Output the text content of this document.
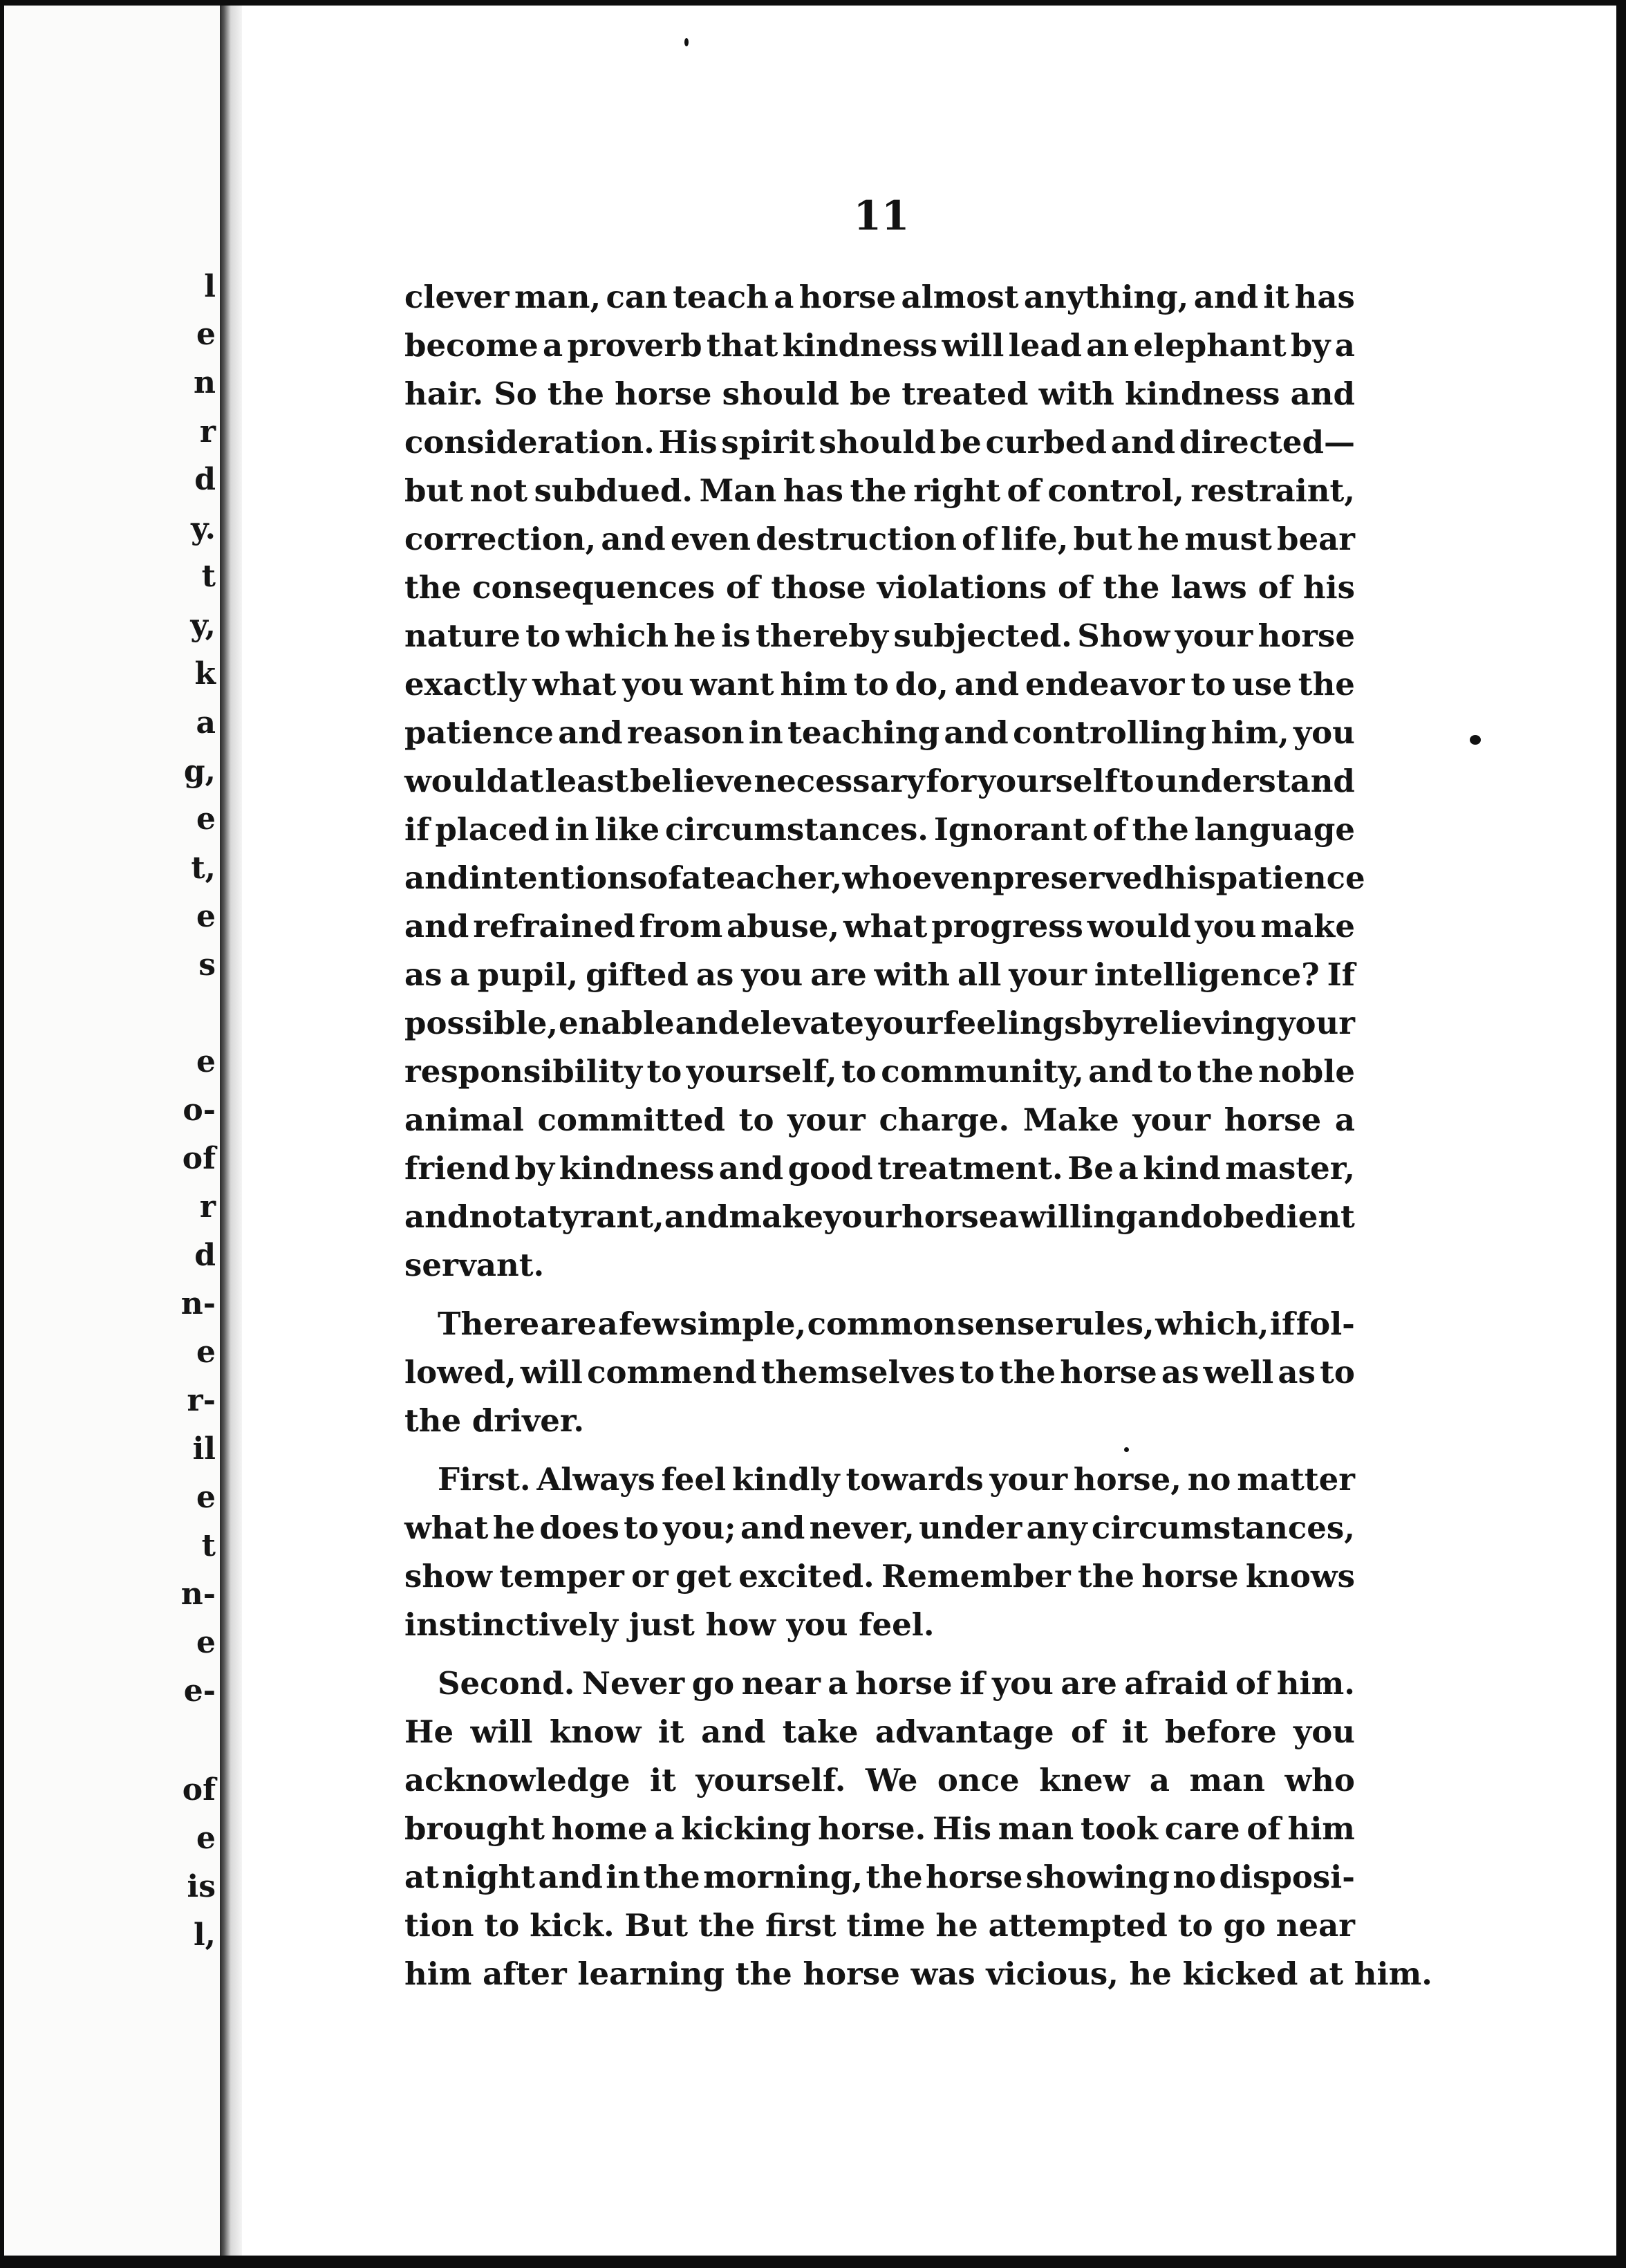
l
e
n
r
d
y.
t
y,
k
a
g,
e
t,
e
s
e
o-
of
r
d
n-
e
r-
il
e
t
n-
e
e-
of
e
is
l,
11
clever man, can teach a horse almost anything, and it has
become a proverb that kindness will lead an elephant by a
hair. So the horse should be treated with kindness and
consideration. His spirit should be curbed and directed—
but not subdued. Man has the right of control, restraint,
correction, and even destruction of life, but he must bear
the consequences of those violations of the laws of his
nature to which he is thereby subjected. Show your horse
exactly what you want him to do, and endeavor to use the
patience and reason in teaching and controlling him, you
would at least believe necessary for yourself to understand
if placed in like circumstances. Ignorant of the language
and intentions of a teacher, who even preserved his patience
and refrained from abuse, what progress would you make
as a pupil, gifted as you are with all your intelligence? If
possible, enable and elevate your feelings by relieving your
responsibility to yourself, to community, and to the noble
animal committed to your charge. Make your horse a
friend by kindness and good treatment. Be a kind master,
and not a tyrant, and make your horse a willing and obedient
servant.
There are a few simple, common sense rules, which, if fol-
lowed, will commend themselves to the horse as well as to
the driver.
First. Always feel kindly towards your horse, no matter
what he does to you; and never, under any circumstances,
show temper or get excited. Remember the horse knows
instinctively just how you feel.
Second. Never go near a horse if you are afraid of him.
He will know it and take advantage of it before you
acknowledge it yourself. We once knew a man who
brought home a kicking horse. His man took care of him
at night and in the morning, the horse showing no disposi-
tion to kick. But the first time he attempted to go near
him after learning the horse was vicious, he kicked at him.
